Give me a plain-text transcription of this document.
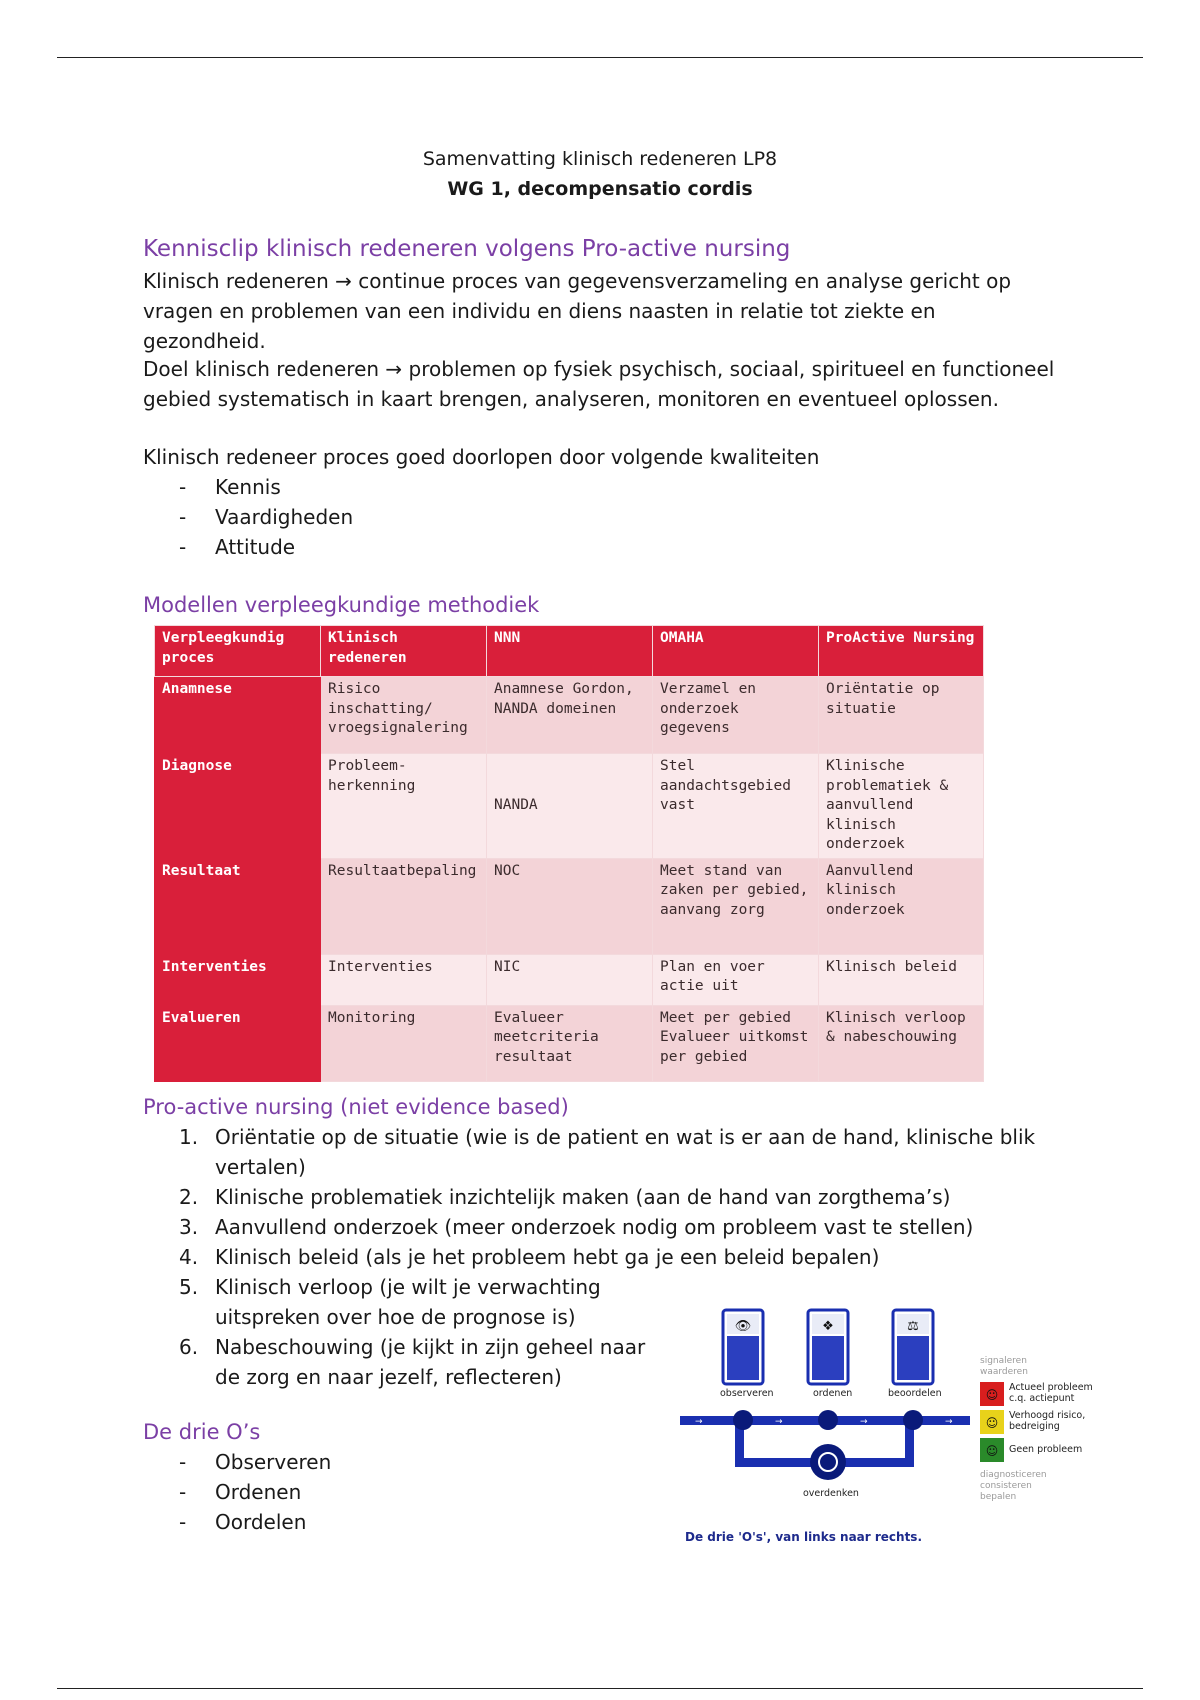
Samenvatting klinisch redeneren LP8
WG 1, decompensatio cordis
Kennisclip klinisch redeneren volgens Pro-active nursing
Klinisch redeneren → continue proces van gegevensverzameling en analyse gericht op vragen en problemen van een individu en diens naasten in relatie tot ziekte en gezondheid.
Doel klinisch redeneren → problemen op fysiek psychisch, sociaal, spiritueel en functioneel gebied systematisch in kaart brengen, analyseren, monitoren en eventueel oplossen.
Klinisch redeneer proces goed doorlopen door volgende kwaliteiten
- Kennis
- Vaardigheden
- Attitude
Modellen verpleegkundige methodiek
Verpleegkundig proces	Klinisch redeneren	NNN	OMAHA	ProActive Nursing
Anamnese	Risico inschatting/ vroegsignalering	Anamnese Gordon, NANDA domeinen	Verzamel en onderzoek gegevens	Oriëntatie op situatie
Diagnose	Probleem-herkenning	NANDA	Stel aandachtsgebied vast	Klinische problematiek & aanvullend klinisch onderzoek
Resultaat	Resultaatbepaling	NOC	Meet stand van zaken per gebied, aanvang zorg	Aanvullend klinisch onderzoek
Interventies	Interventies	NIC	Plan en voer actie uit	Klinisch beleid
Evalueren	Monitoring	Evalueer meetcriteria resultaat	Meet per gebied Evalueer uitkomst per gebied	Klinisch verloop & nabeschouwing
Pro-active nursing (niet evidence based)
1. Oriëntatie op de situatie (wie is de patient en wat is er aan de hand, klinische blik vertalen)
2. Klinische problematiek inzichtelijk maken (aan de hand van zorgthema’s)
3. Aanvullend onderzoek (meer onderzoek nodig om probleem vast te stellen)
4. Klinisch beleid (als je het probleem hebt ga je een beleid bepalen)
5. Klinisch verloop (je wilt je verwachting uitspreken over hoe de prognose is)
6. Nabeschouwing (je kijkt in zijn geheel naar de zorg en naar jezelf, reflecteren)
De drie O’s
- Observeren
- Ordenen
- Oordelen
👁	❖	⚖
→	→	→	→
☺
☺
☺
observeren	ordenen	beoordelen
overdenken
signaleren
waarderen
diagnosticeren
consisteren
bepalen
Actueel probleem c.q. actiepunt
Verhoogd risico, bedreiging
Geen probleem
De drie 'O's', van links naar rechts.
